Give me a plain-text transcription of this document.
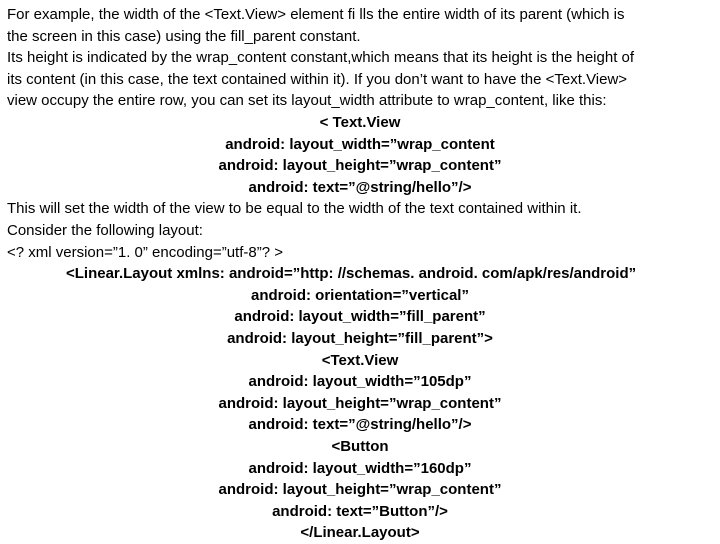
For example, the width of the <Text.View> element fi lls the entire width of its parent (which is
the screen in this case) using the fill_parent constant.
Its height is indicated by the wrap_content constant,which means that its height is the height of
its content (in this case, the text contained within it). If you don’t want to have the <Text.View>
view occupy the entire row, you can set its layout_width attribute to wrap_content, like this:
< Text.View
android: layout_width=”wrap_content
android: layout_height=”wrap_content”
android: text=”@string/hello”/>
This will set the width of the view to be equal to the width of the text contained within it.
Consider the following layout:
<? xml version=”1. 0” encoding=”utf-8”? >
<Linear.Layout xmlns: android=”http: //schemas. android. com/apk/res/android”
android: orientation=”vertical”
android: layout_width=”fill_parent”
android: layout_height=”fill_parent”>
<Text.View
android: layout_width=”105dp”
android: layout_height=”wrap_content”
android: text=”@string/hello”/>
<Button
android: layout_width=”160dp”
android: layout_height=”wrap_content”
android: text=”Button”/>
</Linear.Layout>
